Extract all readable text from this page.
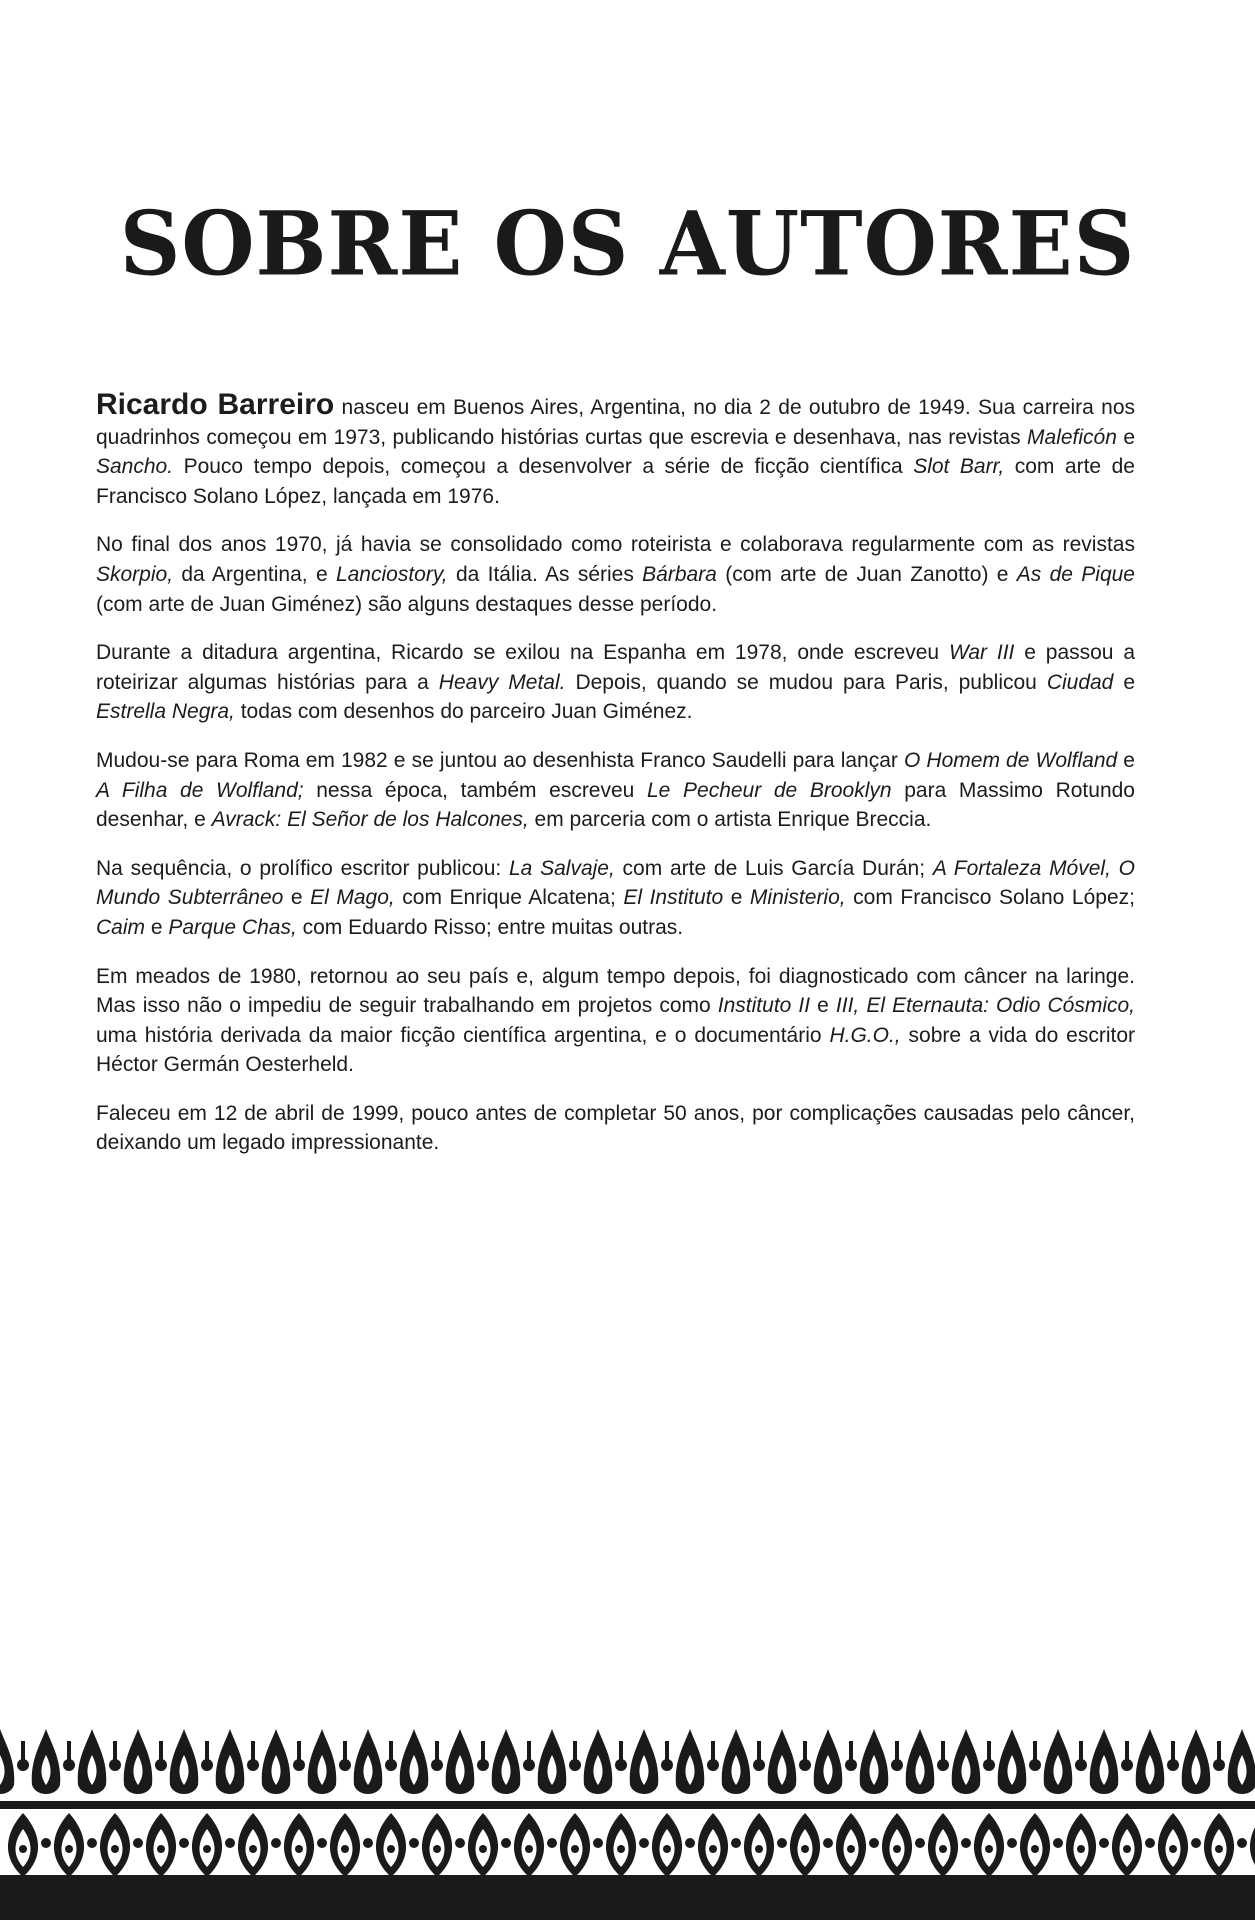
SOBRE OS AUTORES

Ricardo Barreiro nasceu em Buenos Aires, Argentina, no dia 2 de outubro de 1949. Sua carreira nos quadrinhos começou em 1973, publicando histórias curtas que escrevia e desenhava, nas revistas Maleficón e Sancho. Pouco tempo depois, começou a desenvolver a série de ficção científica Slot Barr, com arte de Francisco Solano López, lançada em 1976.

No final dos anos 1970, já havia se consolidado como roteirista e colaborava regularmente com as revistas Skorpio, da Argentina, e Lanciostory, da Itália. As séries Bárbara (com arte de Juan Zanotto) e As de Pique (com arte de Juan Giménez) são alguns destaques desse período.

Durante a ditadura argentina, Ricardo se exilou na Espanha em 1978, onde escreveu War III e passou a roteirizar algumas histórias para a Heavy Metal. Depois, quando se mudou para Paris, publicou Ciudad e Estrella Negra, todas com desenhos do parceiro Juan Giménez.

Mudou-se para Roma em 1982 e se juntou ao desenhista Franco Saudelli para lançar O Homem de Wolfland e A Filha de Wolfland; nessa época, também escreveu Le Pecheur de Brooklyn para Massimo Rotundo desenhar, e Avrack: El Señor de los Halcones, em parceria com o artista Enrique Breccia.

Na sequência, o prolífico escritor publicou: La Salvaje, com arte de Luis García Durán; A Fortaleza Móvel, O Mundo Subterrâneo e El Mago, com Enrique Alcatena; El Instituto e Ministerio, com Francisco Solano López; Caim e Parque Chas, com Eduardo Risso; entre muitas outras.

Em meados de 1980, retornou ao seu país e, algum tempo depois, foi diagnosticado com câncer na laringe. Mas isso não o impediu de seguir trabalhando em projetos como Instituto II e III, El Eternauta: Odio Cósmico, uma história derivada da maior ficção científica argentina, e o documentário H.G.O., sobre a vida do escritor Héctor Germán Oesterheld.

Faleceu em 12 de abril de 1999, pouco antes de completar 50 anos, por complicações causadas pelo câncer, deixando um legado impressionante.
